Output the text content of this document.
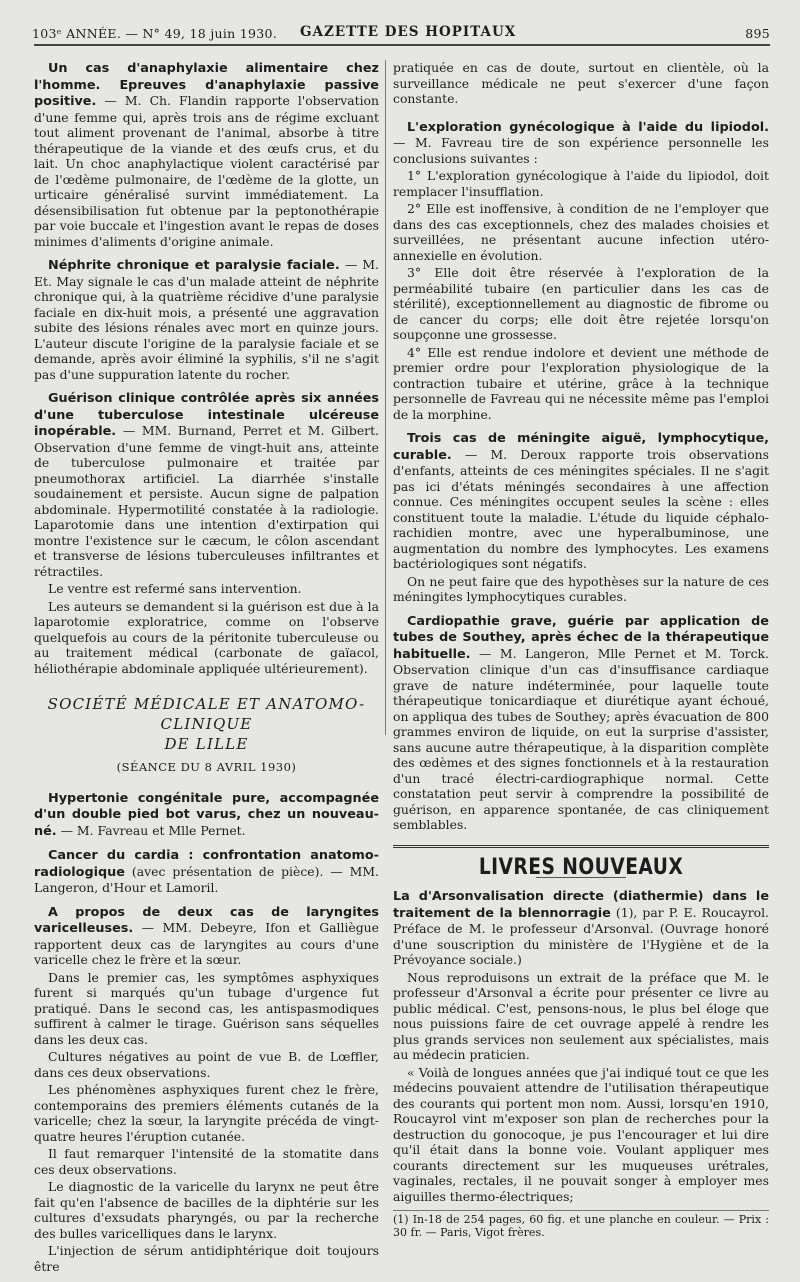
103ᵉ ANNÉE. — N° 49, 18 juin 1930. GAZETTE DES HOPITAUX	895

Un cas d'anaphylaxie alimentaire chez l'homme. Epreuves d'anaphylaxie passive positive. — M. Ch. Flandin rapporte l'observation d'une femme qui, après trois ans de régime excluant tout aliment provenant de l'animal, absorbe à titre thérapeutique de la viande et des œufs crus, et du lait. Un choc anaphylactique violent caractérisé par de l'œdème pulmonaire, de l'œdème de la glotte, un urticaire généralisé survint immédiatement. La désensibilisation fut obtenue par la peptonothérapie par voie buccale et l'ingestion avant le repas de doses minimes d'aliments d'origine animale.

Néphrite chronique et paralysie faciale. — M. Et. May signale le cas d'un malade atteint de néphrite chronique qui, à la quatrième récidive d'une paralysie faciale en dix-huit mois, a présenté une aggravation subite des lésions rénales avec mort en quinze jours. L'auteur discute l'origine de la paralysie faciale et se demande, après avoir éliminé la syphilis, s'il ne s'agit pas d'une suppuration latente du rocher.

Guérison clinique contrôlée après six années d'une tuberculose intestinale ulcéreuse inopérable. — MM. Burnand, Perret et M. Gilbert. Observation d'une femme de vingt-huit ans, atteinte de tuberculose pulmonaire et traitée par pneumothorax artificiel. La diarrhée s'installe soudainement et persiste. Aucun signe de palpation abdominale. Hypermotilité constatée à la radiologie. Laparotomie dans une intention d'extirpation qui montre l'existence sur le cæcum, le côlon ascendant et transverse de lésions tuberculeuses infiltrantes et rétractiles.

Le ventre est refermé sans intervention.

Les auteurs se demandent si la guérison est due à la laparotomie exploratrice, comme on l'observe quelquefois au cours de la péritonite tuberculeuse ou au traitement médical (carbonate de gaïacol, héliothérapie abdominale appliquée ultérieurement).

SOCIÉTÉ MÉDICALE ET ANATOMO-CLINIQUE
DE LILLE
(SÉANCE DU 8 AVRIL 1930)

Hypertonie congénitale pure, accompagnée d'un double pied bot varus, chez un nouveau-né. — M. Favreau et Mlle Pernet.

Cancer du cardia : confrontation anatomo-radiologique (avec présentation de pièce). — MM. Langeron, d'Hour et Lamoril.

A propos de deux cas de laryngites varicelleuses. — MM. Debeyre, Ifon et Galliègue rapportent deux cas de laryngites au cours d'une varicelle chez le frère et la sœur.

Dans le premier cas, les symptômes asphyxiques furent si marqués qu'un tubage d'urgence fut pratiqué. Dans le second cas, les antispasmodiques suffirent à calmer le tirage. Guérison sans séquelles dans les deux cas.

Cultures négatives au point de vue B. de Lœffler, dans ces deux observations.

Les phénomènes asphyxiques furent chez le frère, contemporains des premiers éléments cutanés de la varicelle; chez la sœur, la laryngite précéda de vingt-quatre heures l'éruption cutanée.

Il faut remarquer l'intensité de la stomatite dans ces deux observations.

Le diagnostic de la varicelle du larynx ne peut être fait qu'en l'absence de bacilles de la diphtérie sur les cultures d'exsudats pharyngés, ou par la recherche des bulles varicelliques dans le larynx.

L'injection de sérum antidiphtérique doit toujours être

pratiquée en cas de doute, surtout en clientèle, où la surveillance médicale ne peut s'exercer d'une façon constante.

L'exploration gynécologique à l'aide du lipiodol. — M. Favreau tire de son expérience personnelle les conclusions suivantes :

1° L'exploration gynécologique à l'aide du lipiodol, doit remplacer l'insufflation.

2° Elle est inoffensive, à condition de ne l'employer que dans des cas exceptionnels, chez des malades choisies et surveillées, ne présentant aucune infection utéro-annexielle en évolution.

3° Elle doit être réservée à l'exploration de la perméabilité tubaire (en particulier dans les cas de stérilité), exceptionnellement au diagnostic de fibrome ou de cancer du corps; elle doit être rejetée lorsqu'on soupçonne une grossesse.

4° Elle est rendue indolore et devient une méthode de premier ordre pour l'exploration physiologique de la contraction tubaire et utérine, grâce à la technique personnelle de Favreau qui ne nécessite même pas l'emploi de la morphine.

Trois cas de méningite aiguë, lymphocytique, curable. — M. Deroux rapporte trois observations d'enfants, atteints de ces méningites spéciales. Il ne s'agit pas ici d'états méningés secondaires à une affection connue. Ces méningites occupent seules la scène : elles constituent toute la maladie. L'étude du liquide céphalo-rachidien montre, avec une hyperalbuminose, une augmentation du nombre des lymphocytes. Les examens bactériologiques sont négatifs.

On ne peut faire que des hypothèses sur la nature de ces méningites lymphocytiques curables.

Cardiopathie grave, guérie par application de tubes de Southey, après échec de la thérapeutique habituelle. — M. Langeron, Mlle Pernet et M. Torck. Observation clinique d'un cas d'insuffisance cardiaque grave de nature indéterminée, pour laquelle toute thérapeutique tonicardiaque et diurétique ayant échoué, on appliqua des tubes de Southey; après évacuation de 800 grammes environ de liquide, on eut la surprise d'assister, sans aucune autre thérapeutique, à la disparition complète des œdèmes et des signes fonctionnels et à la restauration d'un tracé électri-cardiographique normal. Cette constatation peut servir à comprendre la possibilité de guérison, en apparence spontanée, de cas cliniquement semblables.

LIVRES NOUVEAUX

La d'Arsonvalisation directe (diathermie) dans le traitement de la blennorragie (1), par P. E. Roucayrol. Préface de M. le professeur d'Arsonval. (Ouvrage honoré d'une souscription du ministère de l'Hygiène et de la Prévoyance sociale.)

Nous reproduisons un extrait de la préface que M. le professeur d'Arsonval a écrite pour présenter ce livre au public médical. C'est, pensons-nous, le plus bel éloge que nous puissions faire de cet ouvrage appelé à rendre les plus grands services non seulement aux spécialistes, mais au médecin praticien.

« Voilà de longues années que j'ai indiqué tout ce que les médecins pouvaient attendre de l'utilisation thérapeutique des courants qui portent mon nom. Aussi, lorsqu'en 1910, Roucayrol vint m'exposer son plan de recherches pour la destruction du gonocoque, je pus l'encourager et lui dire qu'il était dans la bonne voie. Voulant appliquer mes courants directement sur les muqueuses urétrales, vaginales, rectales, il ne pouvait songer à employer mes aiguilles thermo-électriques;

(1) In-18 de 254 pages, 60 fig. et une planche en couleur. — Prix : 30 fr. — Paris, Vigot frères.
